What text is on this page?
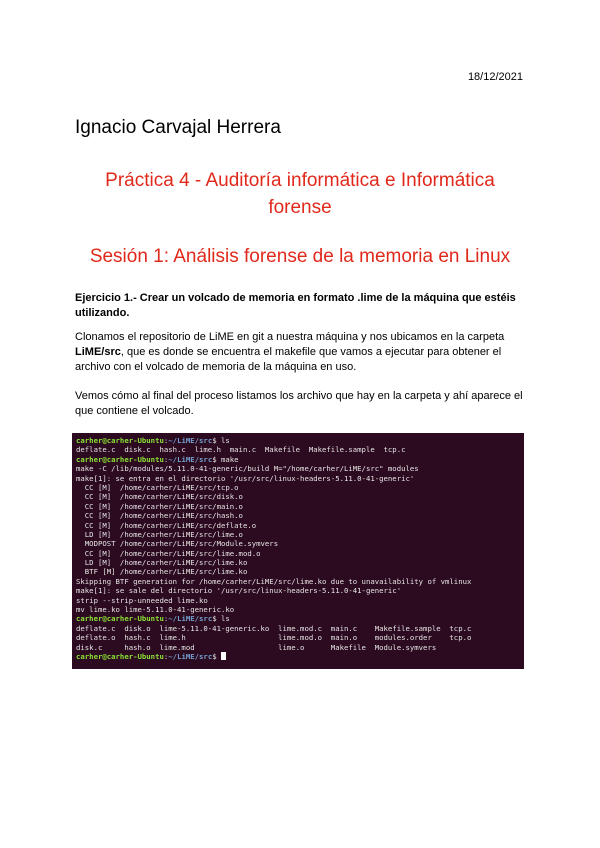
18/12/2021
Ignacio Carvajal Herrera
Práctica 4 - Auditoría informática e Informática forense
Sesión 1: Análisis forense de la memoria en Linux
Ejercicio 1.- Crear un volcado de memoria en formato .lime de la máquina que estéis utilizando.
Clonamos el repositorio de LiME en git a nuestra máquina y nos ubicamos en la carpeta LiME/src, que es donde se encuentra el makefile que vamos a ejecutar para obtener el archivo con el volcado de memoria de la máquina en uso.
Vemos cómo al final del proceso listamos los archivo que hay en la carpeta y ahí aparece el que contiene el volcado.
carher@carher-Ubuntu:~/LiME/src$ ls
deflate.c  disk.c  hash.c  lime.h  main.c  Makefile  Makefile.sample  tcp.c
carher@carher-Ubuntu:~/LiME/src$ make
make -C /lib/modules/5.11.0-41-generic/build M="/home/carher/LiME/src" modules
make[1]: se entra en el directorio '/usr/src/linux-headers-5.11.0-41-generic'
CC [M]  /home/carher/LiME/src/tcp.o
CC [M]  /home/carher/LiME/src/disk.o
CC [M]  /home/carher/LiME/src/main.o
CC [M]  /home/carher/LiME/src/hash.o
CC [M]  /home/carher/LiME/src/deflate.o
LD [M]  /home/carher/LiME/src/lime.o
MODPOST /home/carher/LiME/src/Module.symvers
CC [M]  /home/carher/LiME/src/lime.mod.o
LD [M]  /home/carher/LiME/src/lime.ko
BTF [M] /home/carher/LiME/src/lime.ko
Skipping BTF generation for /home/carher/LiME/src/lime.ko due to unavailability of vmlinux
make[1]: se sale del directorio '/usr/src/linux-headers-5.11.0-41-generic'
strip --strip-unneeded lime.ko
mv lime.ko lime-5.11.0-41-generic.ko
carher@carher-Ubuntu:~/LiME/src$ ls
deflate.c  disk.o  lime-5.11.0-41-generic.ko  lime.mod.c  main.c    Makefile.sample  tcp.c
deflate.o  hash.c  lime.h                     lime.mod.o  main.o    modules.order    tcp.o
disk.c     hash.o  lime.mod                   lime.o      Makefile  Module.symvers
carher@carher-Ubuntu:~/LiME/src$
